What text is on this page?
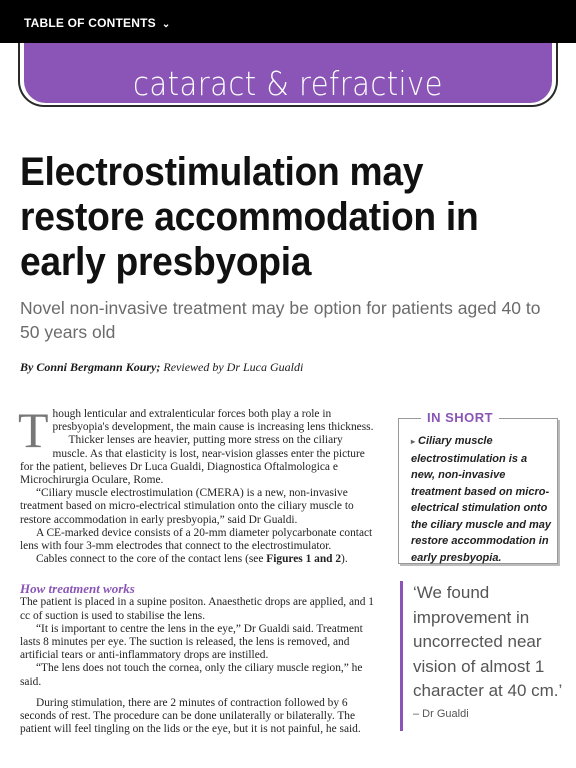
TABLE OF CONTENTS ⌄
cataract & refractive
Electrostimulation may restore accommodation in early presbyopia
Novel non-invasive treatment may be option for patients aged 40 to 50 years old
By Conni Bergmann Koury; Reviewed by Dr Luca Gualdi

Though lenticular and extralenticular forces both play a role in presbyopia's development, the main cause is increasing lens thickness.

Thicker lenses are heavier, putting more stress on the ciliary muscle. As that elasticity is lost, near-vision glasses enter the picture for the patient, believes Dr Luca Gualdi, Diagnostica Oftalmologica e Microchirurgia Oculare, Rome.

“Ciliary muscle electrostimulation (CMERA) is a new, non-invasive treatment based on micro-electrical stimulation onto the ciliary muscle to restore accommodation in early presbyopia,” said Dr Gualdi.

A CE-marked device consists of a 20-mm diameter polycarbonate contact lens with four 3-mm electrodes that connect to the electrostimulator.

Cables connect to the core of the contact lens (see Figures 1 and 2).

How treatment works

The patient is placed in a supine positon. Anaesthetic drops are applied, and 1 cc of suction is used to stabilise the lens.

“It is important to centre the lens in the eye,” Dr Gualdi said. Treatment lasts 8 minutes per eye. The suction is released, the lens is removed, and artificial tears or anti-inflammatory drops are instilled.

“The lens does not touch the cornea, only the ciliary muscle region,” he said.

During stimulation, there are 2 minutes of contraction followed by 6 seconds of rest. The procedure can be done unilaterally or bilaterally. The patient will feel tingling on the lids or the eye, but it is not painful, he said.

IN SHORT
▸ Ciliary muscle electrostimulation is a new, non-invasive treatment based on micro-electrical stimulation onto the ciliary muscle and may restore accommodation in early presbyopia.
‘We found improvement in uncorrected near vision of almost 1 character at 40 cm.’ – Dr Gualdi
